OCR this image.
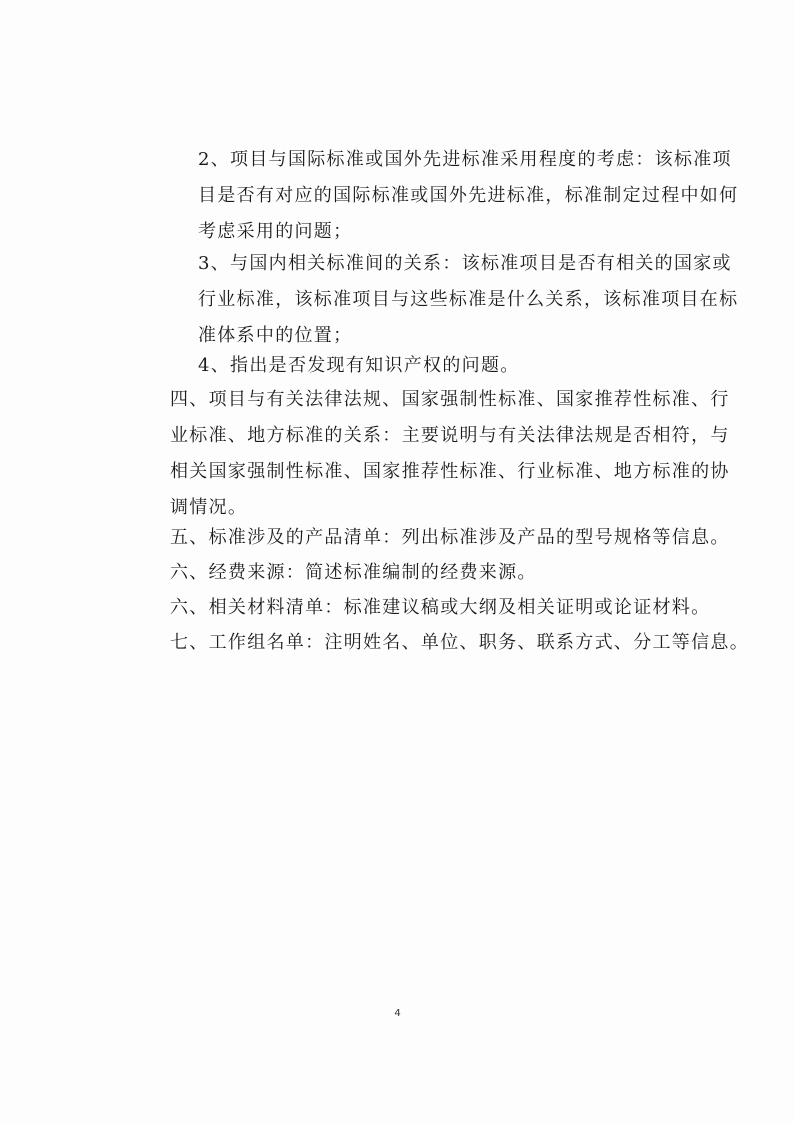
2、项目与国际标准或国外先进标准采用程度的考虑：该标准项
目是否有对应的国际标准或国外先进标准，标准制定过程中如何
考虑采用的问题；
3、与国内相关标准间的关系：该标准项目是否有相关的国家或
行业标准，该标准项目与这些标准是什么关系，该标准项目在标
准体系中的位置；
4、指出是否发现有知识产权的问题。
四、项目与有关法律法规、国家强制性标准、国家推荐性标准、行
业标准、地方标准的关系：主要说明与有关法律法规是否相符，与
相关国家强制性标准、国家推荐性标准、行业标准、地方标准的协
调情况。
五、标准涉及的产品清单：列出标准涉及产品的型号规格等信息。
六、经费来源：简述标准编制的经费来源。
六、相关材料清单：标准建议稿或大纲及相关证明或论证材料。
七、工作组名单：注明姓名、单位、职务、联系方式、分工等信息。
4
